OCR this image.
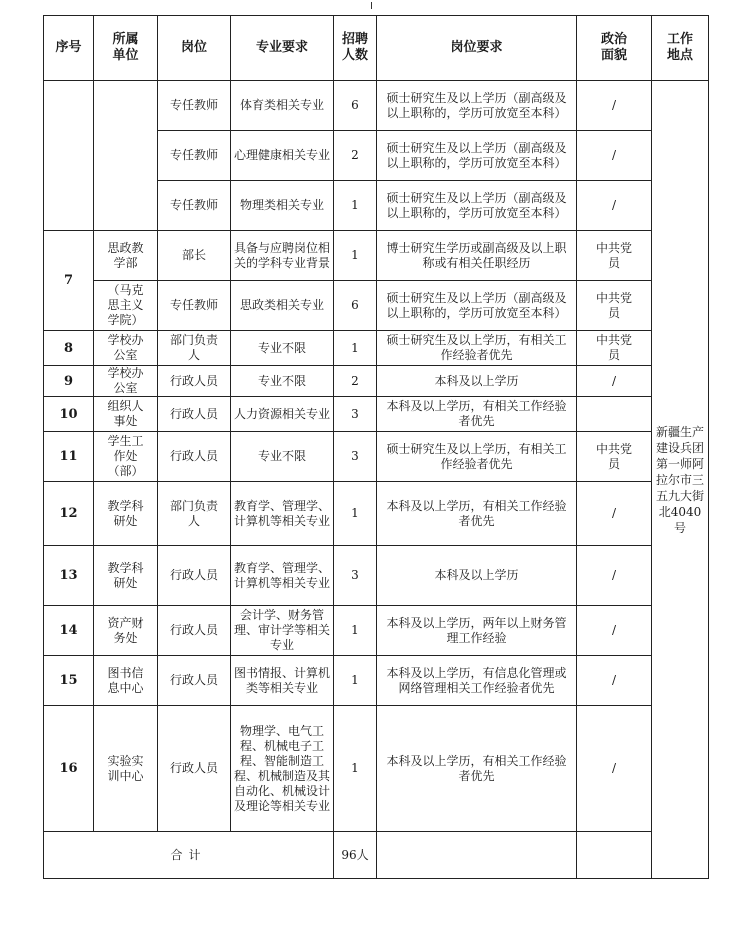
序号	所属单位	岗位	专业要求	招聘人数	岗位要求	政治面貌	工作地点	
		专任教师	体育类相关专业	6	硕士研究生及以上学历（副高级及以上职称的，学历可放宽至本科）	/	新疆生产建设兵团第一师阿拉尔市三五九大街北4040号	
		专任教师	心理健康相关专业	2	硕士研究生及以上学历（副高级及以上职称的，学历可放宽至本科）	/		
		专任教师	物理类相关专业	1	硕士研究生及以上学历（副高级及以上职称的，学历可放宽至本科）	/		
7	思政教学部	部长	具备与应聘岗位相关的学科专业背景	1	博士研究生学历或副高级及以上职称或有相关任职经历	中共党员		
	（马克思主义学院）	专任教师	思政类相关专业	6	硕士研究生及以上学历（副高级及以上职称的，学历可放宽至本科）	中共党员		
8	学校办公室	部门负责人	专业不限	1	硕士研究生及以上学历，有相关工作经验者优先	中共党员		
9	学校办公室	行政人员	专业不限	2	本科及以上学历	/		
10	组织人事处	行政人员	人力资源相关专业	3	本科及以上学历，有相关工作经验者优先			
11	学生工作处（部）	行政人员	专业不限	3	硕士研究生及以上学历，有相关工作经验者优先	中共党员		
12	教学科研处	部门负责人	教育学、管理学、计算机等相关专业	1	本科及以上学历，有相关工作经验者优先	/		
13	教学科研处	行政人员	教育学、管理学、计算机等相关专业	3	本科及以上学历	/		
14	资产财务处	行政人员	会计学、财务管理、审计学等相关专业	1	本科及以上学历，两年以上财务管理工作经验	/		
15	图书信息中心	行政人员	图书情报、计算机类等相关专业	1	本科及以上学历，有信息化管理或网络管理相关工作经验者优先	/		
16	实验实训中心	行政人员	物理学、电气工程、机械电子工程、智能制造工程、机械制造及其自动化、机械设计及理论等相关专业	1	本科及以上学历，有相关工作经验者优先	/		
合计				96人				
